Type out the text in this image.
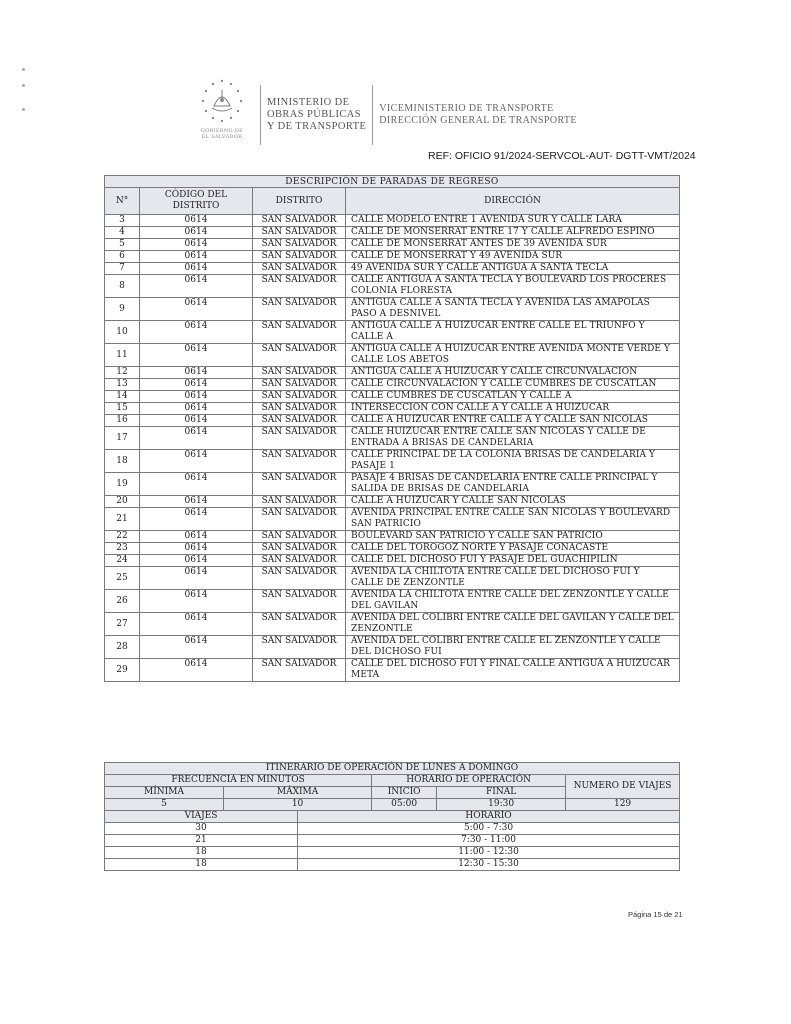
GOBIERNO DE
EL SALVADOR
MINISTERIO DE
OBRAS PÚBLICAS
Y DE TRANSPORTE
VICEMINISTERIO DE TRANSPORTE
DIRECCIÓN GENERAL DE TRANSPORTE
REF: OFICIO 91/2024-SERVCOL-AUT- DGTT-VMT/2024
DESCRIPCIÓN DE PARADAS DE REGRESO			
N°	CÓDIGO DEL DISTRITO	DISTRITO	DIRECCIÓN
3	0614	SAN SALVADOR	CALLE MODELO ENTRE 1 AVENIDA SUR Y CALLE LARA
4	0614	SAN SALVADOR	CALLE DE MONSERRAT ENTRE 17 Y CALLE ALFREDO ESPINO
5	0614	SAN SALVADOR	CALLE DE MONSERRAT ANTES DE 39 AVENIDA SUR
6	0614	SAN SALVADOR	CALLE DE MONSERRAT Y 49 AVENIDA SUR
7	0614	SAN SALVADOR	49 AVENIDA SUR Y CALLE ANTIGUA A SANTA TECLA
8	0614	SAN SALVADOR	CALLE ANTIGUA A SANTA TECLA Y BOULEVARD LOS PROCERES COLONIA FLORESTA
9	0614	SAN SALVADOR	ANTIGUA CALLE A SANTA TECLA Y AVENIDA LAS AMAPOLAS PASO A DESNIVEL
10	0614	SAN SALVADOR	ANTIGUA CALLE A HUIZUCAR ENTRE CALLE EL TRIUNFO Y CALLE A
11	0614	SAN SALVADOR	ANTIGUA CALLE A HUIZUCAR ENTRE AVENIDA MONTE VERDE Y CALLE LOS ABETOS
12	0614	SAN SALVADOR	ANTIGUA CALLE A HUIZUCAR Y CALLE CIRCUNVALACION
13	0614	SAN SALVADOR	CALLE CIRCUNVALACION Y CALLE CUMBRES DE CUSCATLAN
14	0614	SAN SALVADOR	CALLE CUMBRES DE CUSCATLAN Y CALLE A
15	0614	SAN SALVADOR	INTERSECCION CON CALLE A Y CALLE A HUIZUCAR
16	0614	SAN SALVADOR	CALLE A HUIZUCAR ENTRE CALLE A Y CALLE SAN NICOLAS
17	0614	SAN SALVADOR	CALLE HUIZUCAR ENTRE CALLE SAN NICOLAS Y CALLE DE ENTRADA A BRISAS DE CANDELARIA
18	0614	SAN SALVADOR	CALLE PRINCIPAL DE LA COLONIA BRISAS DE CANDELARIA Y PASAJE 1
19	0614	SAN SALVADOR	PASAJE 4 BRISAS DE CANDELARIA ENTRE CALLE PRINCIPAL Y SALIDA DE BRISAS DE CANDELARIA
20	0614	SAN SALVADOR	CALLE A HUIZUCAR Y CALLE SAN NICOLAS
21	0614	SAN SALVADOR	AVENIDA PRINCIPAL ENTRE CALLE SAN NICOLAS Y BOULEVARD SAN PATRICIO
22	0614	SAN SALVADOR	BOULEVARD SAN PATRICIO Y CALLE SAN PATRICIO
23	0614	SAN SALVADOR	CALLE DEL TOROGOZ NORTE Y PASAJE CONACASTE
24	0614	SAN SALVADOR	CALLE DEL DICHOSO FUI Y PASAJE DEL GUACHIPILIN
25	0614	SAN SALVADOR	AVENIDA LA CHILTOTA ENTRE CALLE DEL DICHOSO FUI Y CALLE DE ZENZONTLE
26	0614	SAN SALVADOR	AVENIDA LA CHILTOTA ENTRE CALLE DEL ZENZONTLE Y CALLE DEL GAVILAN
27	0614	SAN SALVADOR	AVENIDA DEL COLIBRI ENTRE CALLE DEL GAVILAN Y CALLE DEL ZENZONTLE
28	0614	SAN SALVADOR	AVENIDA DEL COLIBRI ENTRE CALLE EL ZENZONTLE Y CALLE DEL DICHOSO FUI
29	0614	SAN SALVADOR	CALLE DEL DICHOSO FUI Y FINAL CALLE ANTIGUA A HUIZUCAR META
ITINERARIO DE OPERACIÓN DE LUNES A DOMINGO					
FRECUENCIA EN MINUTOS			HORARIO DE OPERACIÓN		NUMERO DE VIAJES
MÍNIMA	MÁXIMA		INICIO	FINAL	
5	10		05:00	19:30	129
VIAJES		HORARIO			
30		5:00 - 7:30			
21		7:30 - 11:00			
18		11:00 - 12:30			
18		12:30 - 15:30			
Página 15 de 21
